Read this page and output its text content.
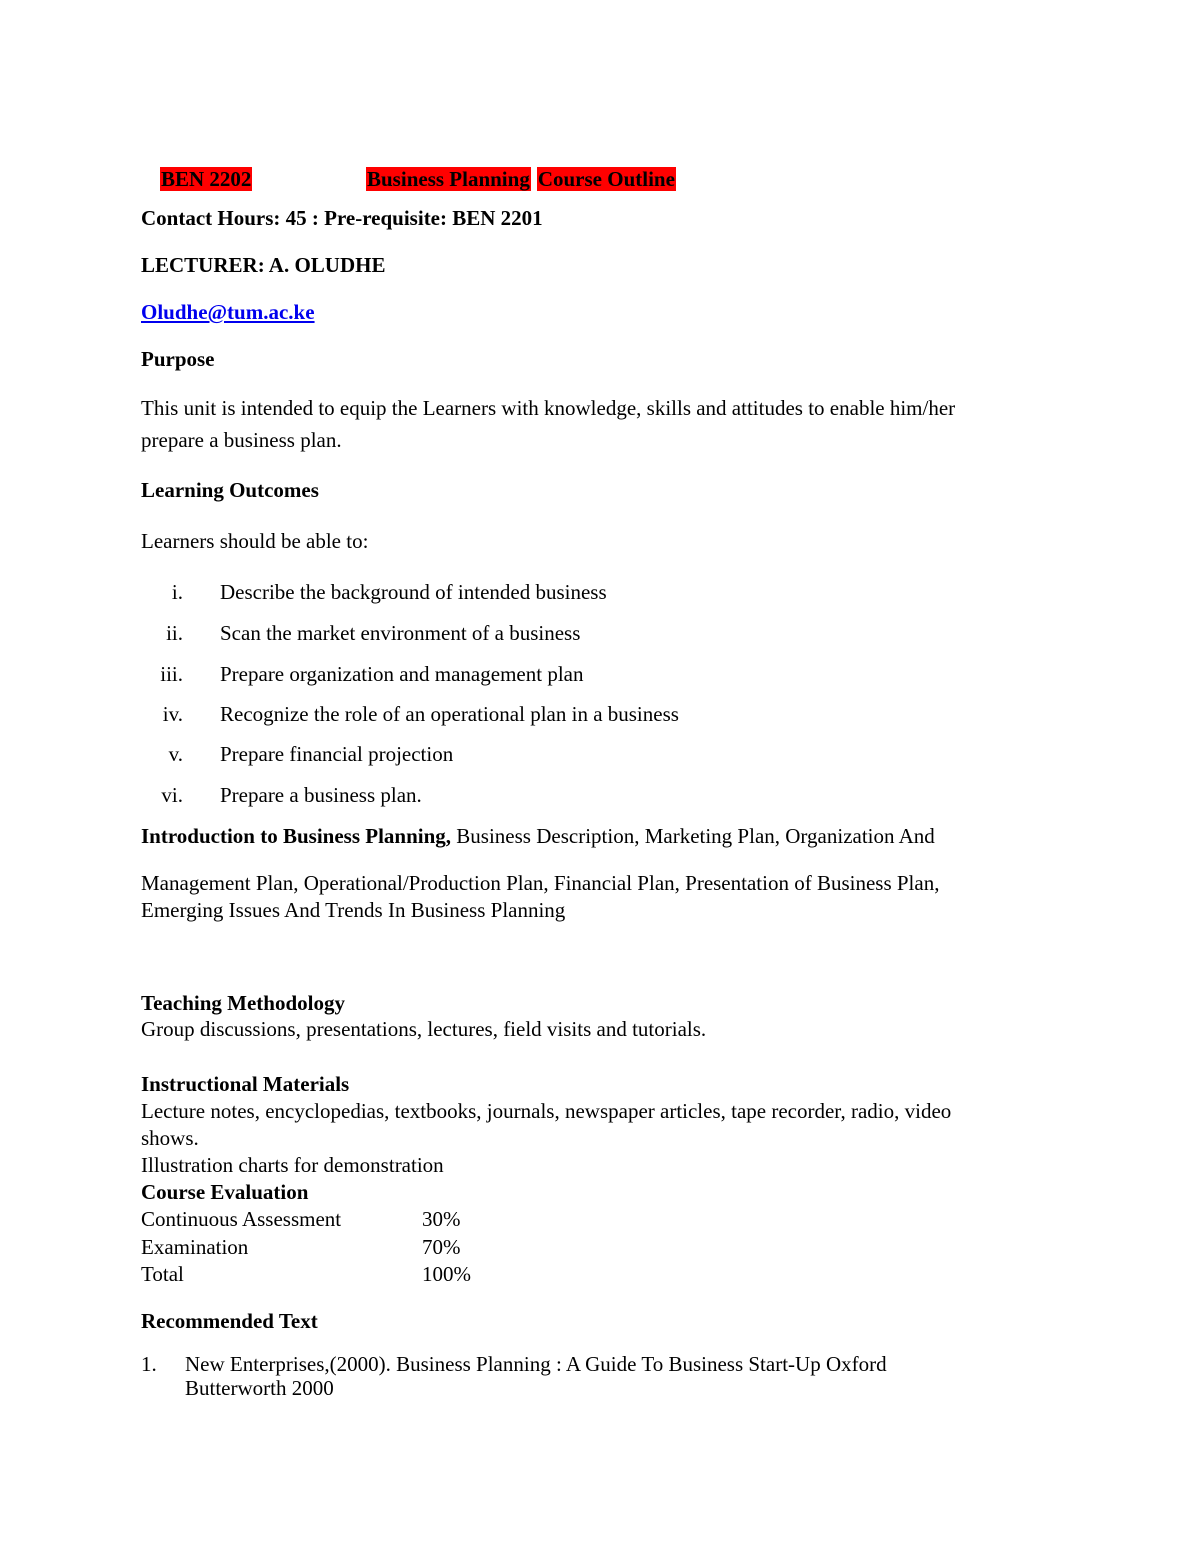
BEN 2202	Business Planning Course Outline
Contact Hours: 45 : Pre-requisite: BEN 2201
LECTURER: A. OLUDHE
Oludhe@tum.ac.ke
Purpose
This unit is intended to equip the Learners with knowledge, skills and attitudes to enable him/her
prepare a business plan.
Learning Outcomes
Learners should be able to:
i. Describe the background of intended business
ii. Scan the market environment of a business
iii. Prepare organization and management plan
iv. Recognize the role of an operational plan in a business
v. Prepare financial projection
vi. Prepare a business plan.
Introduction to Business Planning, Business Description, Marketing Plan, Organization And
Management Plan, Operational/Production Plan, Financial Plan, Presentation of Business Plan,
Emerging Issues And Trends In Business Planning
Teaching Methodology
Group discussions, presentations, lectures, field visits and tutorials.
Instructional Materials
Lecture notes, encyclopedias, textbooks, journals, newspaper articles, tape recorder, radio, video
shows.
Illustration charts for demonstration
Course Evaluation
Continuous Assessment	30%
Examination	70%
Total	100%
Recommended Text
1. New Enterprises,(2000). Business Planning : A Guide To Business Start-Up Oxford
Butterworth 2000
